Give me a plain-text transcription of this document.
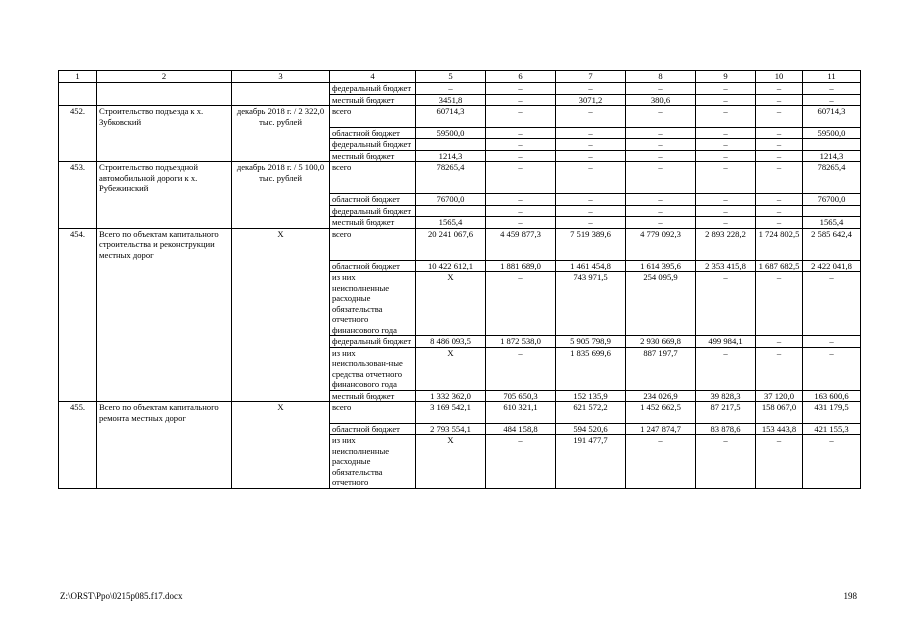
1	2	3	4	5	6	7	8	9	10	11
			федеральный бюджет	–	–	–	–	–	–	–
			местный бюджет	3451,8	–	3071,2	380,6	–	–	–
452.	Строительство подъезда к х. Зубковский	декабрь 2018 г. / 2 322,0 тыс. рублей	всего	60714,3	–	–	–	–	–	60714,3
			областной бюджет	59500,0	–	–	–	–	–	59500,0
			федеральный бюджет		–	–	–	–	–	
			местный бюджет	1214,3	–	–	–	–	–	1214,3
453.	Строительство подъездной автомобильной дороги к х. Рубежинский	декабрь 2018 г. / 5 100,0 тыс. рублей	всего	78265,4	–	–	–	–	–	78265,4
			областной бюджет	76700,0	–	–	–	–	–	76700,0
			федеральный бюджет		–	–	–	–	–	
			местный бюджет	1565,4	–	–	–	–	–	1565,4
454.	Всего по объектам капитального строительства и реконструкции местных дорог	Х	всего	20 241 067,6	4 459 877,3	7 519 389,6	4 779 092,3	2 893 228,2	1 724 802,5	2 585 642,4
			областной бюджет	10 422 612,1	1 881 689,0	1 461 454,8	1 614 395,6	2 353 415,8	1 687 682,5	2 422 041,8
			из них неисполненные расходные обязательства отчетного финансового года	Х	–	743 971,5	254 095,9	–	–	–
			федеральный бюджет	8 486 093,5	1 872 538,0	5 905 798,9	2 930 669,8	499 984,1	–	–
			из них неиспользован-ные средства отчетного финансового года	Х	–	1 835 699,6	887 197,7	–	–	–
			местный бюджет	1 332 362,0	705 650,3	152 135,9	234 026,9	39 828,3	37 120,0	163 600,6
455.	Всего по объектам капитального ремонта местных дорог	Х	всего	3 169 542,1	610 321,1	621 572,2	1 452 662,5	87 217,5	158 067,0	431 179,5
			областной бюджет	2 793 554,1	484 158,8	594 520,6	1 247 874,7	83 878,6	153 443,8	421 155,3
			из них неисполненные расходные обязательства отчетного	Х	–	191 477,7	–	–	–	–
Z:\ORST\Ppo\0215p085.f17.docx	198
